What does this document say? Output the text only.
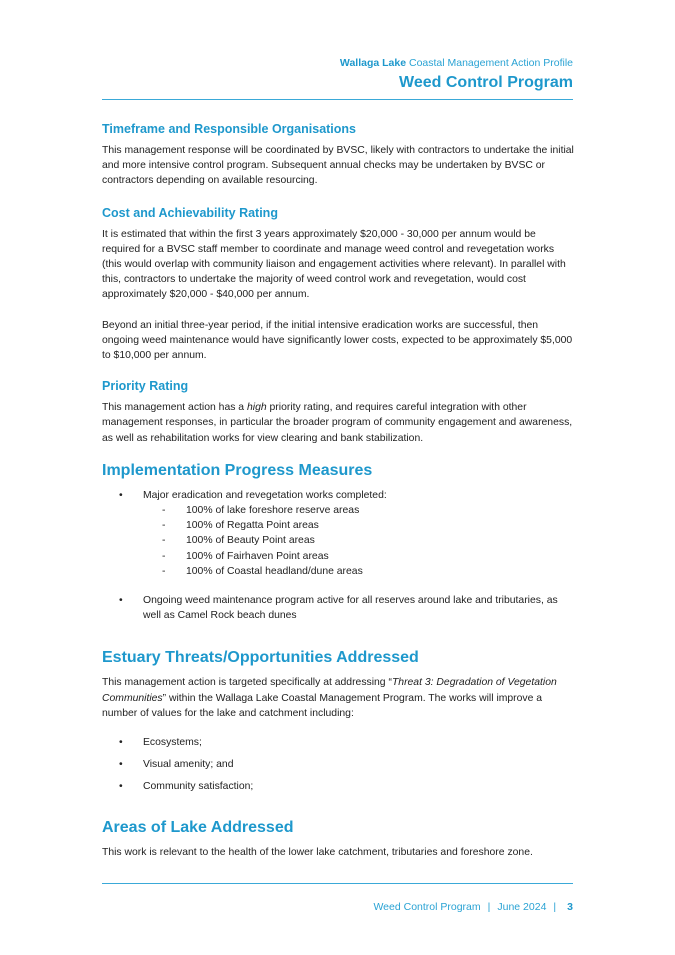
Wallaga Lake Coastal Management Action Profile
Weed Control Program
Timeframe and Responsible Organisations

This management response will be coordinated by BVSC, likely with contractors to undertake the initial and more intensive control program. Subsequent annual checks may be undertaken by BVSC or contractors depending on available resourcing.

Cost and Achievability Rating

It is estimated that within the first 3 years approximately $20,000 - 30,000 per annum would be required for a BVSC staff member to coordinate and manage weed control and revegetation works (this would overlap with community liaison and engagement activities where relevant). In parallel with this, contractors to undertake the majority of weed control work and revegetation, would cost approximately $20,000 - $40,000 per annum.

Beyond an initial three-year period, if the initial intensive eradication works are successful, then ongoing weed maintenance would have significantly lower costs, expected to be approximately $5,000 to $10,000 per annum.

Priority Rating

This management action has a high priority rating, and requires careful integration with other management responses, in particular the broader program of community engagement and awareness, as well as rehabilitation works for view clearing and bank stabilization.

Implementation Progress Measures
• Major eradication and revegetation works completed:
- 100% of lake foreshore reserve areas
- 100% of Regatta Point areas
- 100% of Beauty Point areas
- 100% of Fairhaven Point areas
- 100% of Coastal headland/dune areas
• Ongoing weed maintenance program active for all reserves around lake and tributaries, as well as Camel Rock beach dunes
Estuary Threats/Opportunities Addressed

This management action is targeted specifically at addressing “Threat 3: Degradation of Vegetation Communities” within the Wallaga Lake Coastal Management Program. The works will improve a number of values for the lake and catchment including:

• Ecosystems;
• Visual amenity; and
• Community satisfaction;
Areas of Lake Addressed

This work is relevant to the health of the lower lake catchment, tributaries and foreshore zone.

Weed Control Program | June 2024 | 3
